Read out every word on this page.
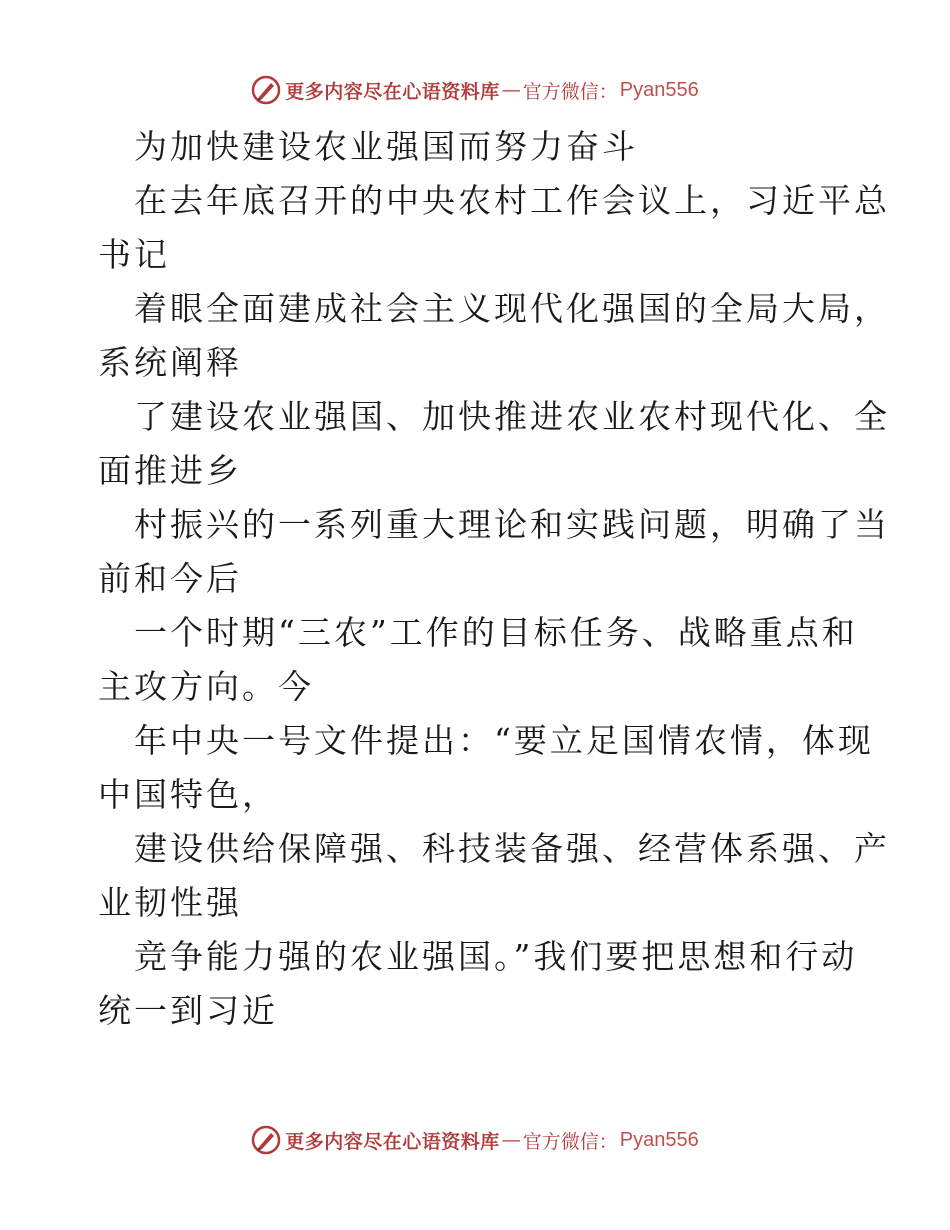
更多内容尽在心语资料库 — 官方微信： Pyan556
为加快建设农业强国而努力奋斗
在去年底召开的中央农村工作会议上，习近平总
书记
着眼全面建成社会主义现代化强国的全局大局，
系统阐释
了建设农业强国、加快推进农业农村现代化、全
面推进乡
村振兴的一系列重大理论和实践问题，明确了当
前和今后
一个时期“三农”工作的目标任务、战略重点和
主攻方向。今
年中央一号文件提出：“要立足国情农情，体现
中国特色，
建设供给保障强、科技装备强、经营体系强、产
业韧性强
竞争能力强的农业强国。”我们要把思想和行动
统一到习近
更多内容尽在心语资料库 — 官方微信： Pyan556
